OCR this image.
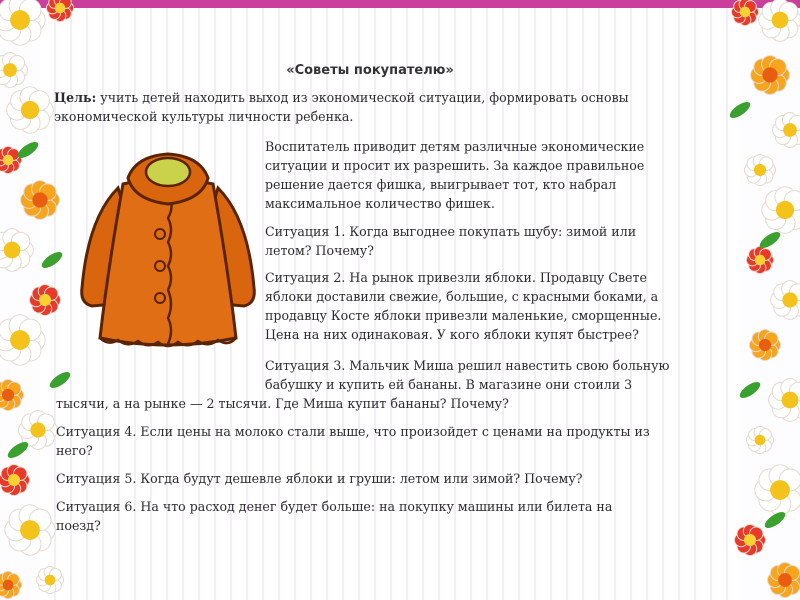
«Советы покупателю»
Цель: учить детей находить выход из экономической ситуации, формировать основы
экономической культуры личности ребенка.
Воспитатель приводит детям различные экономические
ситуации и просит их разрешить. За каждое правильное
решение дается фишка, выигрывает тот, кто набрал
максимальное количество фишек.
Ситуация 1. Когда выгоднее покупать шубу: зимой или
летом? Почему?
Ситуация 2. На рынок привезли яблоки. Продавцу Свете
яблоки доставили свежие, большие, с красными боками, а
продавцу Косте яблоки привезли маленькие, сморщенные.
Цена на них одинаковая. У кого яблоки купят быстрее?
Ситуация 3. Мальчик Миша решил навестить свою больную
бабушку и купить ей бананы. В магазине они стоили 3
тысячи, а на рынке — 2 тысячи. Где Миша купит бананы? Почему?
Ситуация 4. Если цены на молоко стали выше, что произойдет с ценами на продукты из
него?
Ситуация 5. Когда будут дешевле яблоки и груши: летом или зимой? Почему?
Ситуация 6. На что расход денег будет больше: на покупку машины или билета на
поезд?
